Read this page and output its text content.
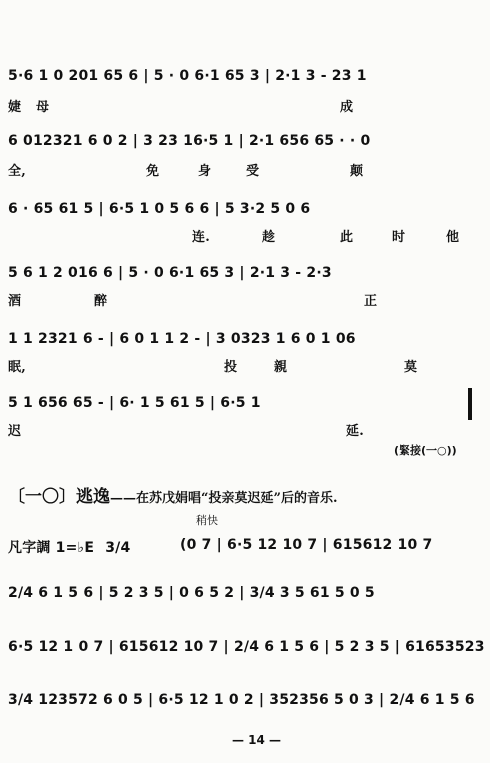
5·6 1 0 201 65 6 | 5 · 0 6·1 65 3 | 2·1 3 - 23 1
婕 母	成
6 012321 6 0 2 | 3 23 16·5 1 | 2·1 656 65 · · 0
全,	免	身	受	颠
6 · 65 61 5 | 6·5 1 0 5 6 6 | 5 3·2 5 0 6
连.	趁	此	时	他
5 6 1 2 016 6 | 5 · 0 6·1 65 3 | 2·1 3 - 2·3
酒	醉	正
1 1 2321 6 - | 6 0 1 1 2 - | 3 0323 1 6 0 1 06
眠,	投	親	莫
5 1 656 65 - | 6· 1 5 61 5 | 6·5 1
迟	延.
(緊接(一○))
〔一〇〕逃逸——在苏戊娟唱“投亲莫迟延”后的音乐.
稍快
凡字調 1=♭E 3/4	(0 7 | 6·5 12 10 7 | 615612 10 7
2/4 6 1 5 6 | 5 2 3 5 | 0 6 5 2 | 3/4 3 5 61 5 0 5
6·5 12 1 0 7 | 615612 10 7 | 2/4 6 1 5 6 | 5 2 3 5 | 61653523
3/4 123572 6 0 5 | 6·5 12 1 0 2 | 352356 5 0 3 | 2/4 6 1 5 6
— 14 —
